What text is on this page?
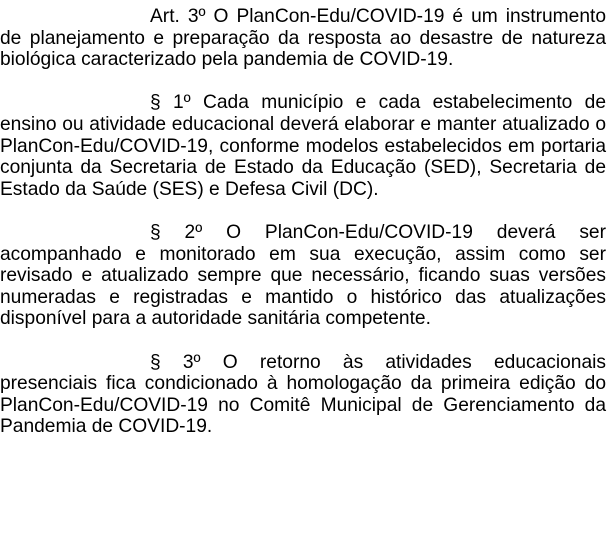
Art. 3º O PlanCon-Edu/COVID-19 é um instrumento de planejamento e preparação da resposta ao desastre de natureza biológica caracterizado pela pandemia de COVID-19.

§ 1º Cada município e cada estabelecimento de ensino ou atividade educacional deverá elaborar e manter atualizado o PlanCon-Edu/COVID-19, conforme modelos estabelecidos em portaria conjunta da Secretaria de Estado da Educação (SED), Secretaria de Estado da Saúde (SES) e Defesa Civil (DC).

§ 2º O PlanCon-Edu/COVID-19 deverá ser acompanhado e monitorado em sua execução, assim como ser revisado e atualizado sempre que necessário, ficando suas versões numeradas e registradas e mantido o histórico das atualizações disponível para a autoridade sanitária competente.

§ 3º O retorno às atividades educacionais presenciais fica condicionado à homologação da primeira edição do PlanCon-Edu/COVID-19 no Comitê Municipal de Gerenciamento da Pandemia de COVID-19.
